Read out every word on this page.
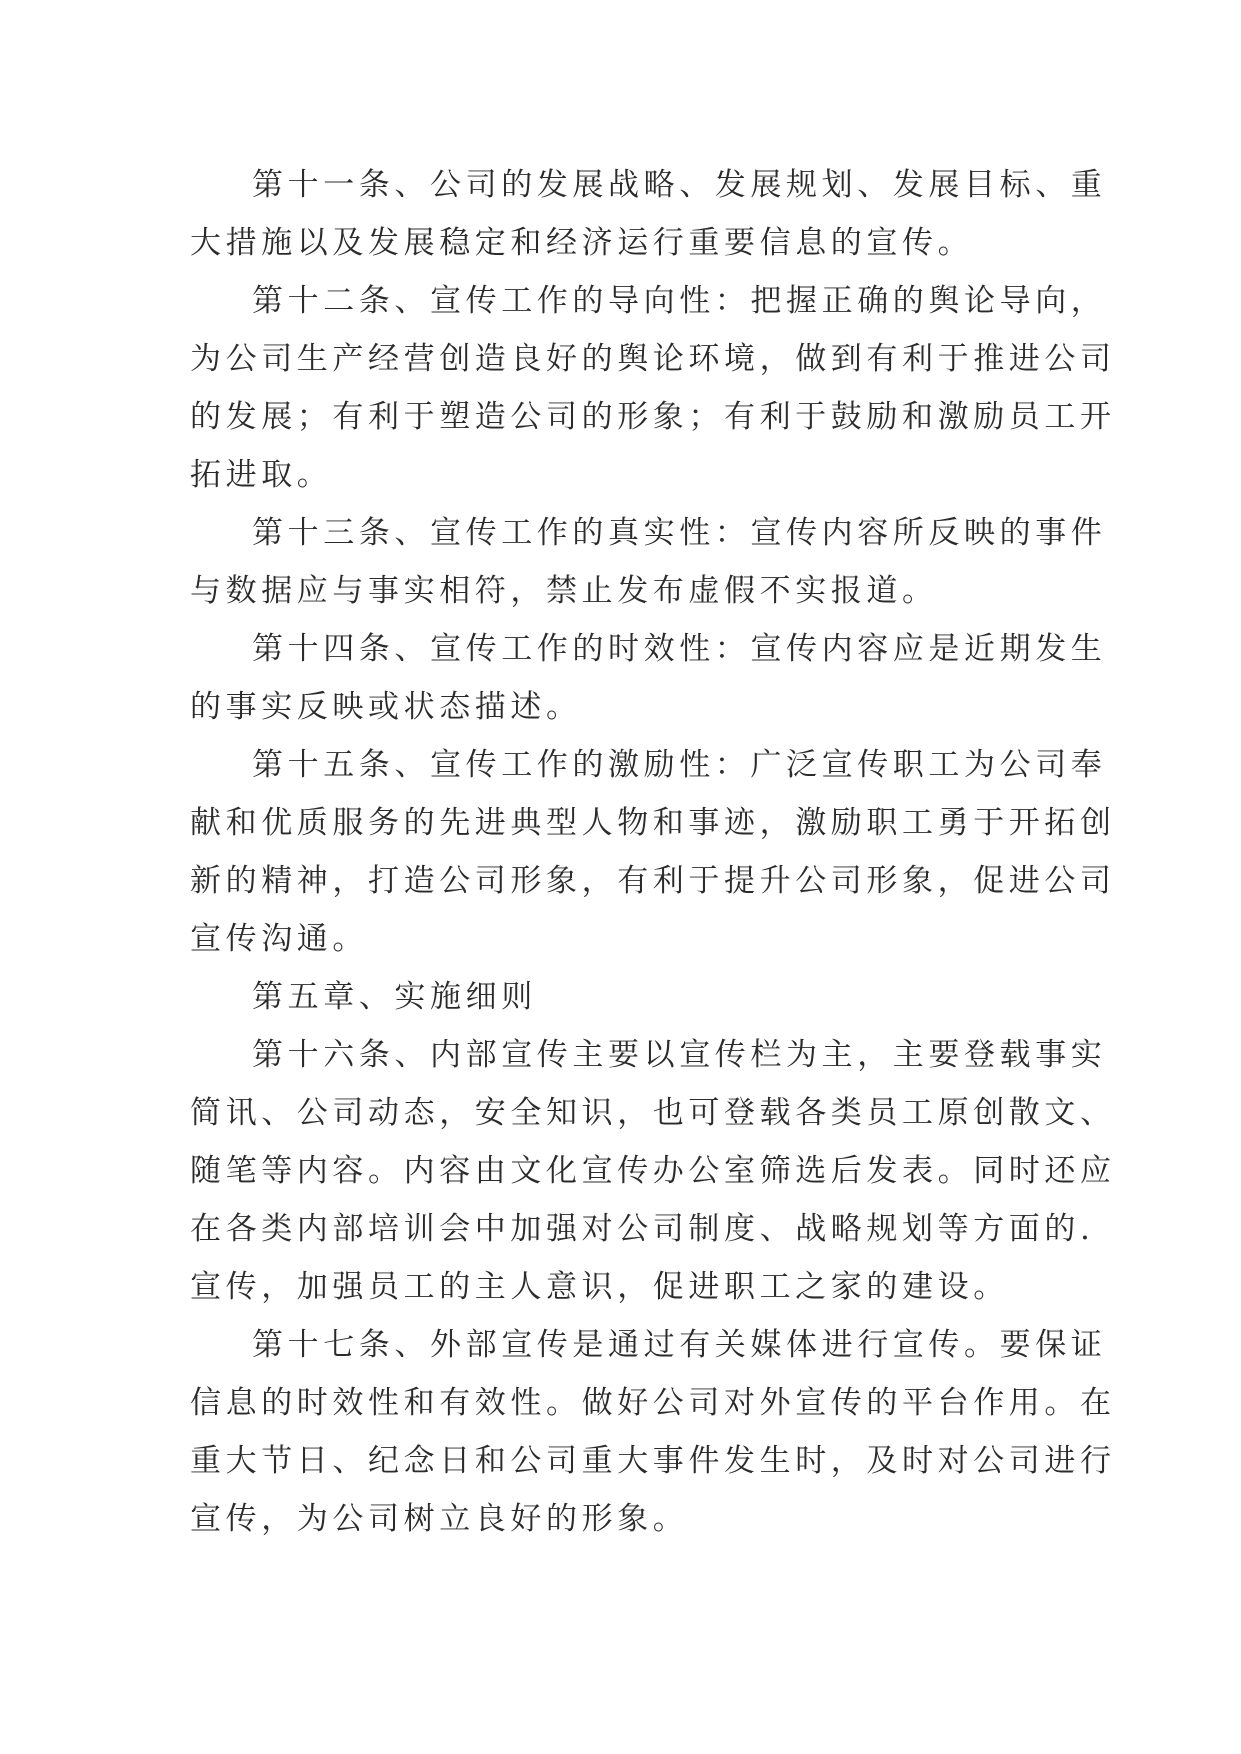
第十一条、公司的发展战略、发展规划、发展目标、重
大措施以及发展稳定和经济运行重要信息的宣传。
第十二条、宣传工作的导向性：把握正确的舆论导向，
为公司生产经营创造良好的舆论环境，做到有利于推进公司
的发展；有利于塑造公司的形象；有利于鼓励和激励员工开
拓进取。
第十三条、宣传工作的真实性：宣传内容所反映的事件
与数据应与事实相符，禁止发布虚假不实报道。
第十四条、宣传工作的时效性：宣传内容应是近期发生
的事实反映或状态描述。
第十五条、宣传工作的激励性：广泛宣传职工为公司奉
献和优质服务的先进典型人物和事迹，激励职工勇于开拓创
新的精神，打造公司形象，有利于提升公司形象，促进公司
宣传沟通。
第五章、实施细则
第十六条、内部宣传主要以宣传栏为主，主要登载事实
简讯、公司动态，安全知识，也可登载各类员工原创散文、
随笔等内容。内容由文化宣传办公室筛选后发表。同时还应
在各类内部培训会中加强对公司制度、战略规划等方面的.
宣传，加强员工的主人意识，促进职工之家的建设。
第十七条、外部宣传是通过有关媒体进行宣传。要保证
信息的时效性和有效性。做好公司对外宣传的平台作用。在
重大节日、纪念日和公司重大事件发生时，及时对公司进行
宣传，为公司树立良好的形象。
